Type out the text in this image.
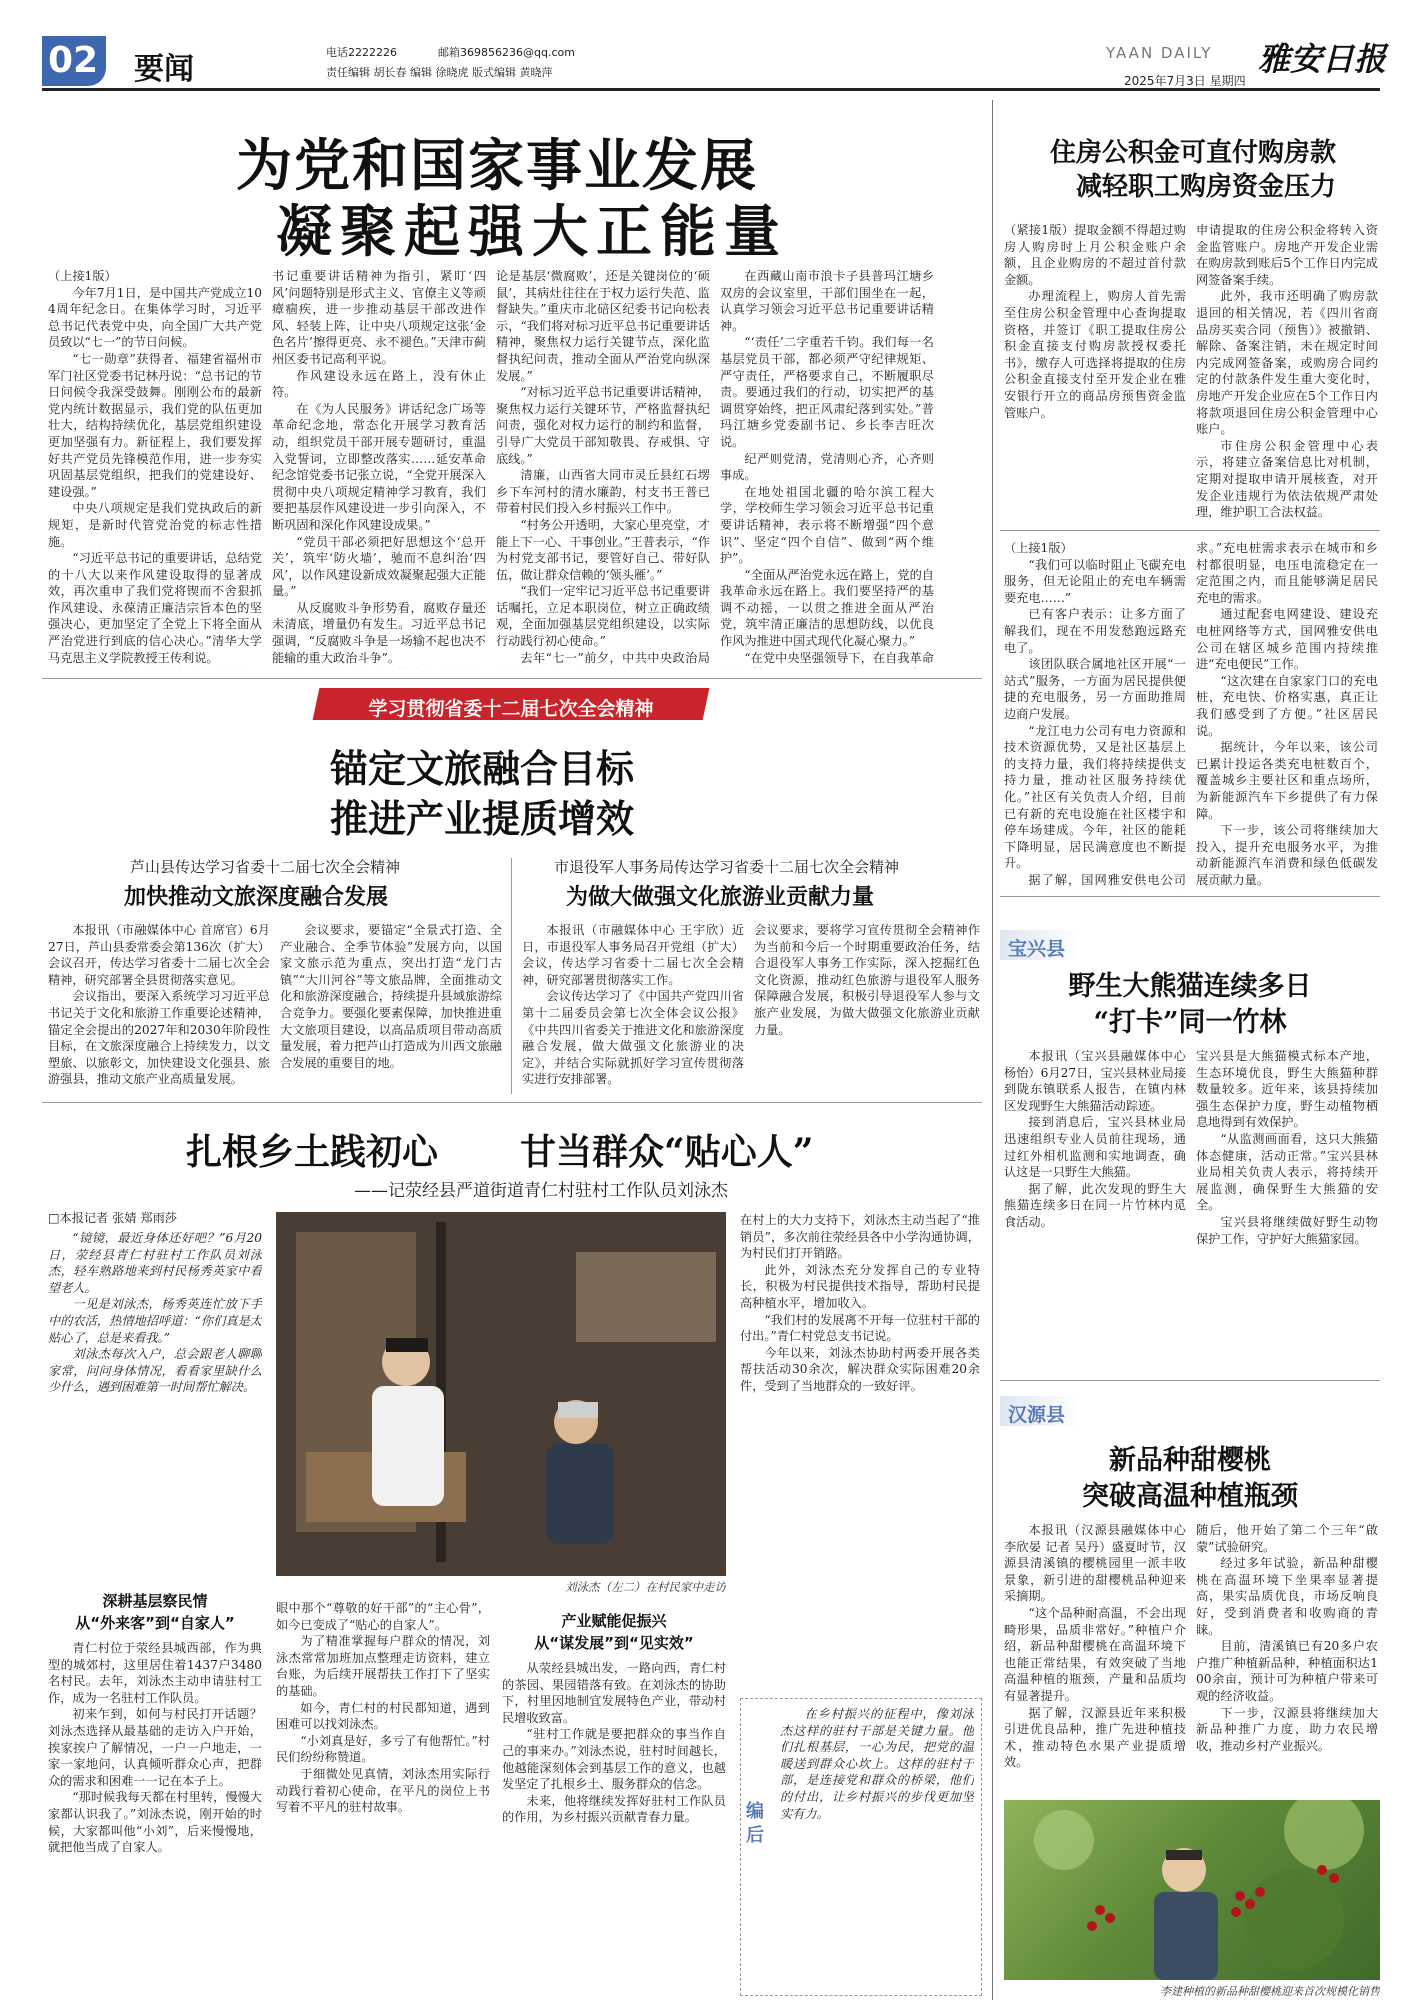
02 要闻	电话2222226	邮箱369856236@qq.com
责任编辑 胡长春 编辑 徐晓虎 版式编辑 黄晓萍
YAAN DAILY 雅安日报
2025年7月3日 星期四
为党和国家事业发展
凝聚起强大正能量

（上接1版）

今年7月1日，是中国共产党成立104周年纪念日。在集体学习时，习近平总书记代表党中央，向全国广大共产党员致以“七一”的节日问候。

“七一勋章”获得者、福建省福州市军门社区党委书记林丹说：“总书记的节日问候令我深受鼓舞。刚刚公布的最新党内统计数据显示，我们党的队伍更加壮大，结构持续优化，基层党组织建设更加坚强有力。新征程上，我们要发挥好共产党员先锋模范作用，进一步夯实巩固基层党组织，把我们的党建设好、建设强。”

中央八项规定是我们党执政后的新规矩，是新时代管党治党的标志性措施。

“习近平总书记的重要讲话，总结党的十八大以来作风建设取得的显著成效，再次重申了我们党将锲而不舍狠抓作风建设、永葆清正廉洁宗旨本色的坚强决心，更加坚定了全党上下将全面从严治党进行到底的信心决心。”清华大学马克思主义学院教授王传利说。

书记重要讲话精神为指引，紧盯‘四风’问题特别是形式主义、官僚主义等顽瘴痼疾，进一步推动基层干部改进作风、轻装上阵，让中央八项规定这张‘金色名片’擦得更亮、永不褪色。”天津市蓟州区委书记高利平说。

作风建设永远在路上，没有休止符。

在《为人民服务》讲话纪念广场等革命纪念地，常态化开展学习教育活动，组织党员干部开展专题研讨，重温入党誓词，立即整改落实……延安革命纪念馆党委书记张立说，“全党开展深入贯彻中央八项规定精神学习教育，我们要把基层作风建设进一步引向深入，不断巩固和深化作风建设成果。”

“党员干部必须把好思想这个‘总开关’，筑牢‘防火墙’，驰而不息纠治‘四风’，以作风建设新成效凝聚起强大正能量。”

从反腐败斗争形势看，腐败存量还未清底，增量仍有发生。习近平总书记强调，“反腐败斗争是一场输不起也决不能输的重大政治斗争”。

论是基层‘微腐败’，还是关键岗位的‘硕鼠’，其病灶往往在于权力运行失范、监督缺失。”重庆市北碚区纪委书记向松表示，“我们将对标习近平总书记重要讲话精神，聚焦权力运行关键节点，深化监督执纪问责，推动全面从严治党向纵深发展。”

“对标习近平总书记重要讲话精神，聚焦权力运行关键环节，严格监督执纪问责，强化对权力运行的制约和监督，引导广大党员干部知敬畏、存戒惧、守底线。”

清廉，山西省大同市灵丘县红石塄乡下车河村的清水廉韵，村支书王普已带着村民们投入乡村振兴工作中。

“村务公开透明，大家心里亮堂，才能上下一心、干事创业。”王普表示，“作为村党支部书记，要管好自己、带好队伍，做让群众信赖的‘领头雁’。”

“我们一定牢记习近平总书记重要讲话嘱托，立足本职岗位，树立正确政绩观，全面加强基层党组织建设，以实际行动践行初心使命。”

去年“七一”前夕，中共中央政治局

在西藏山南市浪卡子县普玛江塘乡双房的会议室里，干部们围坐在一起，认真学习领会习近平总书记重要讲话精神。

“‘责任’二字重若千钧。我们每一名基层党员干部，都必须严守纪律规矩、严守责任，严格要求自己，不断履职尽责。要通过我们的行动，切实把严的基调贯穿始终，把正风肃纪落到实处。”普玛江塘乡党委副书记、乡长李吉旺次说。

纪严则党清，党清则心齐，心齐则事成。

在地处祖国北疆的哈尔滨工程大学，学校师生学习领会习近平总书记重要讲话精神，表示将不断增强“四个意识”、坚定“四个自信”、做到“两个维护”。

“全面从严治党永远在路上，党的自我革命永远在路上。我们要坚持严的基调不动摇，一以贯之推进全面从严治党，筑牢清正廉洁的思想防线，以优良作风为推进中国式现代化凝心聚力。”

“在党中央坚强领导下，在自我革命

住房公积金可直付购房款
减轻职工购房资金压力

（紧接1版）提取金额不得超过购房人购房时上月公积金账户余额，且企业购房的不超过首付款金额。

办理流程上，购房人首先需至住房公积金管理中心查询提取资格，并签订《职工提取住房公积金直接支付购房款授权委托书》，缴存人可选择将提取的住房公积金直接支付至开发企业在雅安银行开立的商品房预售资金监管账户。

申请提取的住房公积金将转入资金监管账户。房地产开发企业需在购房款到账后5个工作日内完成网签备案手续。

此外，我市还明确了购房款退回的相关情况，若《四川省商品房买卖合同（预售）》被撤销、解除、备案注销，未在规定时间内完成网签备案，或购房合同约定的付款条件发生重大变化时，房地产开发企业应在5个工作日内将款项退回住房公积金管理中心账户。

市住房公积金管理中心表示，将建立备案信息比对机制，定期对提取申请开展核查，对开发企业违规行为依法依规严肃处理，维护职工合法权益。

（上接1版）

“我们可以临时阻止飞碳充电服务，但无论阻止的充电车辆需要充电……”

已有客户表示：让多方面了解我们，现在不用发愁跑远路充电了。

该团队联合属地社区开展“一站式”服务，一方面为居民提供便捷的充电服务，另一方面助推周边商户发展。

“龙江电力公司有电力资源和技术资源优势，又是社区基层上的支持力量，我们将持续提供支持力量，推动社区服务持续优化。”社区有关负责人介绍，目前已有新的充电设施在社区楼宇和停车场建成。今年，社区的能耗下降明显，居民满意度也不断提升。

据了解，国网雅安供电公司

求。”充电桩需求表示在城市和乡村都很明显，电压电流稳定在一定范围之内，而且能够满足居民充电的需求。

通过配套电网建设、建设充电桩网络等方式，国网雅安供电公司在辖区城乡范围内持续推进“充电便民”工作。

“这次建在自家家门口的充电桩，充电快、价格实惠，真正让我们感受到了方便。”社区居民说。

据统计，今年以来，该公司已累计投运各类充电桩数百个，覆盖城乡主要社区和重点场所，为新能源汽车下乡提供了有力保障。

下一步，该公司将继续加大投入，提升充电服务水平，为推动新能源汽车消费和绿色低碳发展贡献力量。

学习贯彻省委十二届七次全会精神
锚定文旅融合目标
推进产业提质增效
芦山县传达学习省委十二届七次全会精神
加快推动文旅深度融合发展
市退役军人事务局传达学习省委十二届七次全会精神
为做大做强文化旅游业贡献力量

本报讯（市融媒体中心 首席官）6月27日，芦山县委常委会第136次（扩大）会议召开，传达学习省委十二届七次全会精神，研究部署全县贯彻落实意见。

会议指出，要深入系统学习习近平总书记关于文化和旅游工作重要论述精神，锚定全会提出的2027年和2030年阶段性目标，在文旅深度融合上持续发力，以文塑旅、以旅彰文，加快建设文化强县、旅游强县，推动文旅产业高质量发展。

会议要求，要锚定“全景式打造、全产业融合、全季节体验”发展方向，以国家文旅示范为重点，突出打造“龙门古镇”“大川河谷”等文旅品牌，全面推动文化和旅游深度融合，持续提升县域旅游综合竞争力。要强化要素保障，加快推进重大文旅项目建设，以高品质项目带动高质量发展，着力把芦山打造成为川西文旅融合发展的重要目的地。

本报讯（市融媒体中心 王宇欣）近日，市退役军人事务局召开党组（扩大）会议，传达学习省委十二届七次全会精神，研究部署贯彻落实工作。

会议传达学习了《中国共产党四川省第十二届委员会第七次全体会议公报》《中共四川省委关于推进文化和旅游深度融合发展，做大做强文化旅游业的决定》，并结合实际就抓好学习宣传贯彻落实进行安排部署。

会议要求，要将学习宣传贯彻全会精神作为当前和今后一个时期重要政治任务，结合退役军人事务工作实际，深入挖掘红色文化资源，推动红色旅游与退役军人服务保障融合发展，积极引导退役军人参与文旅产业发展，为做大做强文化旅游业贡献力量。

宝兴县
野生大熊猫连续多日
“打卡”同一竹林

本报讯（宝兴县融媒体中心 杨怡）6月27日，宝兴县林业局接到陇东镇联系人报告，在镇内林区发现野生大熊猫活动踪迹。

接到消息后，宝兴县林业局迅速组织专业人员前往现场，通过红外相机监测和实地调查，确认这是一只野生大熊猫。

据了解，此次发现的野生大熊猫连续多日在同一片竹林内觅食活动。

宝兴县是大熊猫模式标本产地，生态环境优良，野生大熊猫种群数量较多。近年来，该县持续加强生态保护力度，野生动植物栖息地得到有效保护。

“从监测画面看，这只大熊猫体态健康，活动正常。”宝兴县林业局相关负责人表示，将持续开展监测，确保野生大熊猫的安全。

宝兴县将继续做好野生动物保护工作，守护好大熊猫家园。

汉源县
新品种甜樱桃
突破高温种植瓶颈

本报讯（汉源县融媒体中心 李欣晏 记者 吴丹）盛夏时节，汉源县清溪镇的樱桃园里一派丰收景象，新引进的甜樱桃品种迎来采摘期。

“这个品种耐高温，不会出现畸形果，品质非常好。”种植户介绍，新品种甜樱桃在高温环境下也能正常结果，有效突破了当地高温种植的瓶颈，产量和品质均有显著提升。

据了解，汉源县近年来积极引进优良品种，推广先进种植技术，推动特色水果产业提质增效。

随后，他开始了第二个三年“啟蒙”试验研究。

经过多年试验，新品种甜樱桃在高温环境下坐果率显著提高，果实品质优良，市场反响良好，受到消费者和收购商的青睐。

目前，清溪镇已有20多户农户推广种植新品种，种植面积达100余亩，预计可为种植户带来可观的经济收益。

下一步，汉源县将继续加大新品种推广力度，助力农民增收，推动乡村产业振兴。

李建种植的新品种甜樱桃迎来首次规模化销售
扎根乡土践初心 甘当群众“贴心人”
——记荥经县严道街道青仁村驻村工作队员刘泳杰
□本报记者 张婧 郑雨莎

“镜镜，最近身体还好吧？”6月20日，荥经县青仁村驻村工作队员刘泳杰，轻车熟路地来到村民杨秀英家中看望老人。

一见是刘泳杰，杨秀英连忙放下手中的农活，热情地招呼道：“你们真是太贴心了，总是来看我。”

刘泳杰每次入户，总会跟老人聊聊家常，问问身体情况，看看家里缺什么少什么，遇到困难第一时间帮忙解决。

深耕基层察民情
从“外来客”到“自家人”

青仁村位于荥经县城西部，作为典型的城郊村，这里居住着1437户3480名村民。去年，刘泳杰主动申请驻村工作，成为一名驻村工作队员。

初来乍到，如何与村民打开话题？刘泳杰选择从最基础的走访入户开始，挨家挨户了解情况，一户一户地走，一家一家地问，认真倾听群众心声，把群众的需求和困难一一记在本子上。

“那时候我每天都在村里转，慢慢大家都认识我了。”刘泳杰说，刚开始的时候，大家都叫他“小刘”，后来慢慢地，就把他当成了自家人。

刘泳杰（左二）在村民家中走访

眼中那个“尊敬的好干部”的“主心骨”，如今已变成了“贴心的自家人”。

为了精准掌握每户群众的情况，刘泳杰常常加班加点整理走访资料，建立台账，为后续开展帮扶工作打下了坚实的基础。

如今，青仁村的村民都知道，遇到困难可以找刘泳杰。

“小刘真是好，多亏了有他帮忙。”村民们纷纷称赞道。

于细微处见真情，刘泳杰用实际行动践行着初心使命，在平凡的岗位上书写着不平凡的驻村故事。

产业赋能促振兴
从“谋发展”到“见实效”

从荥经县城出发，一路向西，青仁村的茶园、果园错落有致。在刘泳杰的协助下，村里因地制宜发展特色产业，带动村民增收致富。

“驻村工作就是要把群众的事当作自己的事来办。”刘泳杰说，驻村时间越长，他越能深刻体会到基层工作的意义，也越发坚定了扎根乡土、服务群众的信念。

未来，他将继续发挥好驻村工作队员的作用，为乡村振兴贡献青春力量。

在村上的大力支持下，刘泳杰主动当起了“推销员”，多次前往荥经县各中小学沟通协调，为村民们打开销路。

此外，刘泳杰充分发挥自己的专业特长，积极为村民提供技术指导，帮助村民提高种植水平，增加收入。

“我们村的发展离不开每一位驻村干部的付出。”青仁村党总支书记说。

今年以来，刘泳杰协助村两委开展各类帮扶活动30余次，解决群众实际困难20余件，受到了当地群众的一致好评。

编后
在乡村振兴的征程中，像刘泳杰这样的驻村干部是关键力量。他们扎根基层，一心为民，把党的温暖送到群众心坎上。这样的驻村干部，是连接党和群众的桥梁，他们的付出，让乡村振兴的步伐更加坚实有力。
